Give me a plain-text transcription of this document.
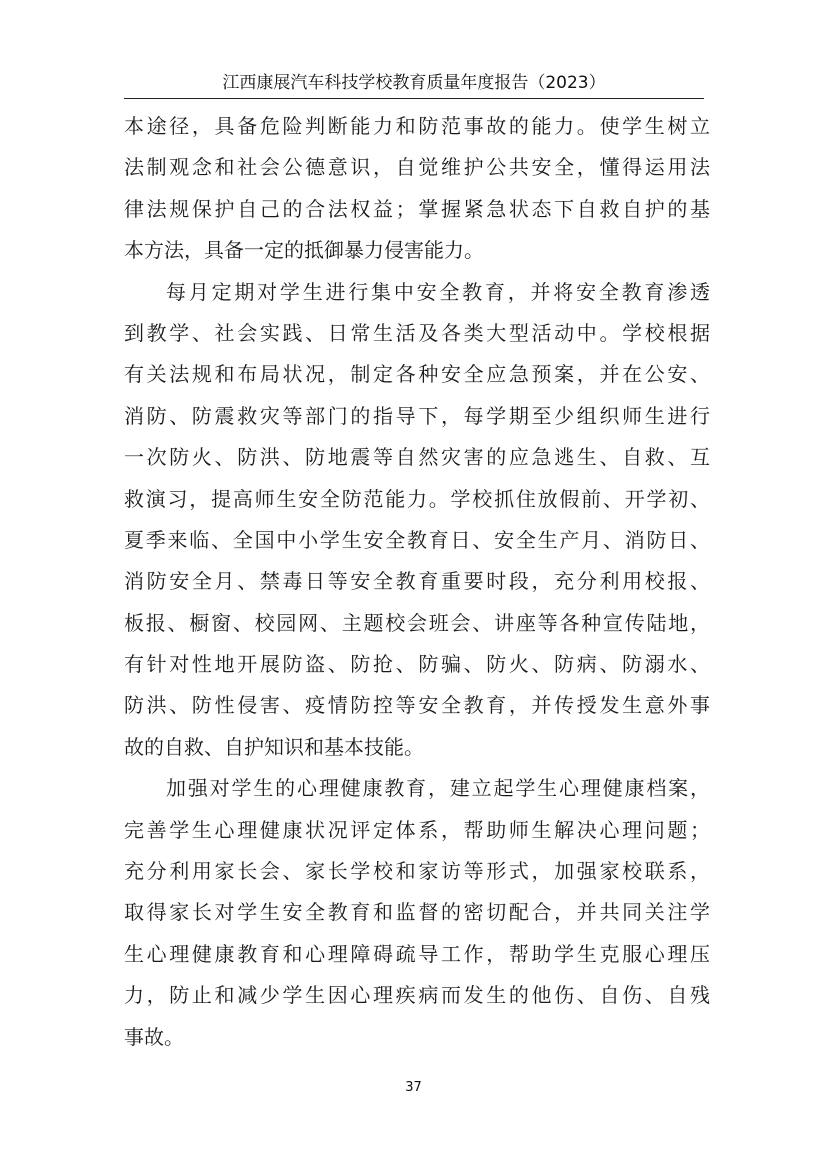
江西康展汽车科技学校教育质量年度报告（2023）
本途径，具备危险判断能力和防范事故的能力。使学生树立
法制观念和社会公德意识，自觉维护公共安全，懂得运用法
律法规保护自己的合法权益；掌握紧急状态下自救自护的基
本方法，具备一定的抵御暴力侵害能力。
每月定期对学生进行集中安全教育，并将安全教育渗透
到教学、社会实践、日常生活及各类大型活动中。学校根据
有关法规和布局状况，制定各种安全应急预案，并在公安、
消防、防震救灾等部门的指导下，每学期至少组织师生进行
一次防火、防洪、防地震等自然灾害的应急逃生、自救、互
救演习，提高师生安全防范能力。学校抓住放假前、开学初、
夏季来临、全国中小学生安全教育日、安全生产月、消防日、
消防安全月、禁毒日等安全教育重要时段，充分利用校报、
板报、橱窗、校园网、主题校会班会、讲座等各种宣传陆地，
有针对性地开展防盗、防抢、防骗、防火、防病、防溺水、
防洪、防性侵害、疫情防控等安全教育，并传授发生意外事
故的自救、自护知识和基本技能。
加强对学生的心理健康教育，建立起学生心理健康档案，
完善学生心理健康状况评定体系，帮助师生解决心理问题；
充分利用家长会、家长学校和家访等形式，加强家校联系，
取得家长对学生安全教育和监督的密切配合，并共同关注学
生心理健康教育和心理障碍疏导工作，帮助学生克服心理压
力，防止和减少学生因心理疾病而发生的他伤、自伤、自残
事故。
37
